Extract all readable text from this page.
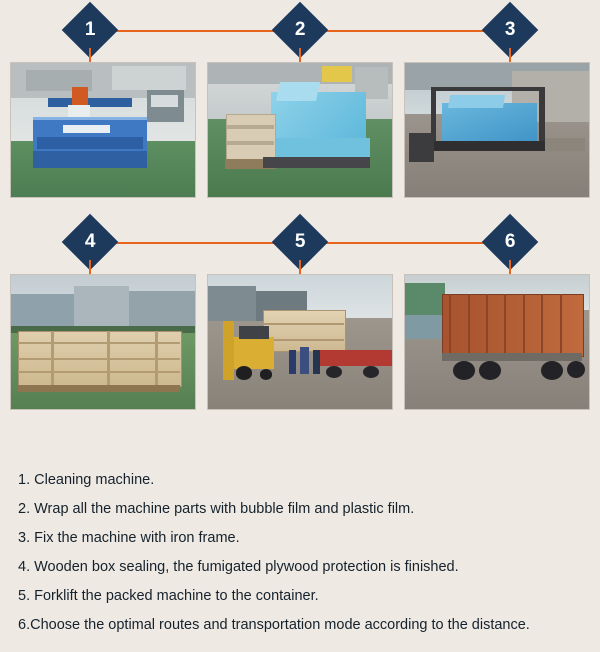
1	2	3
4	5	6
1. Cleaning machine.
2. Wrap all the machine parts with bubble film and plastic film.
3. Fix the machine with iron frame.
4. Wooden box sealing, the fumigated plywood protection is finished.
5. Forklift the packed machine to the container.
6.Choose the optimal routes and transportation mode according to the distance.
